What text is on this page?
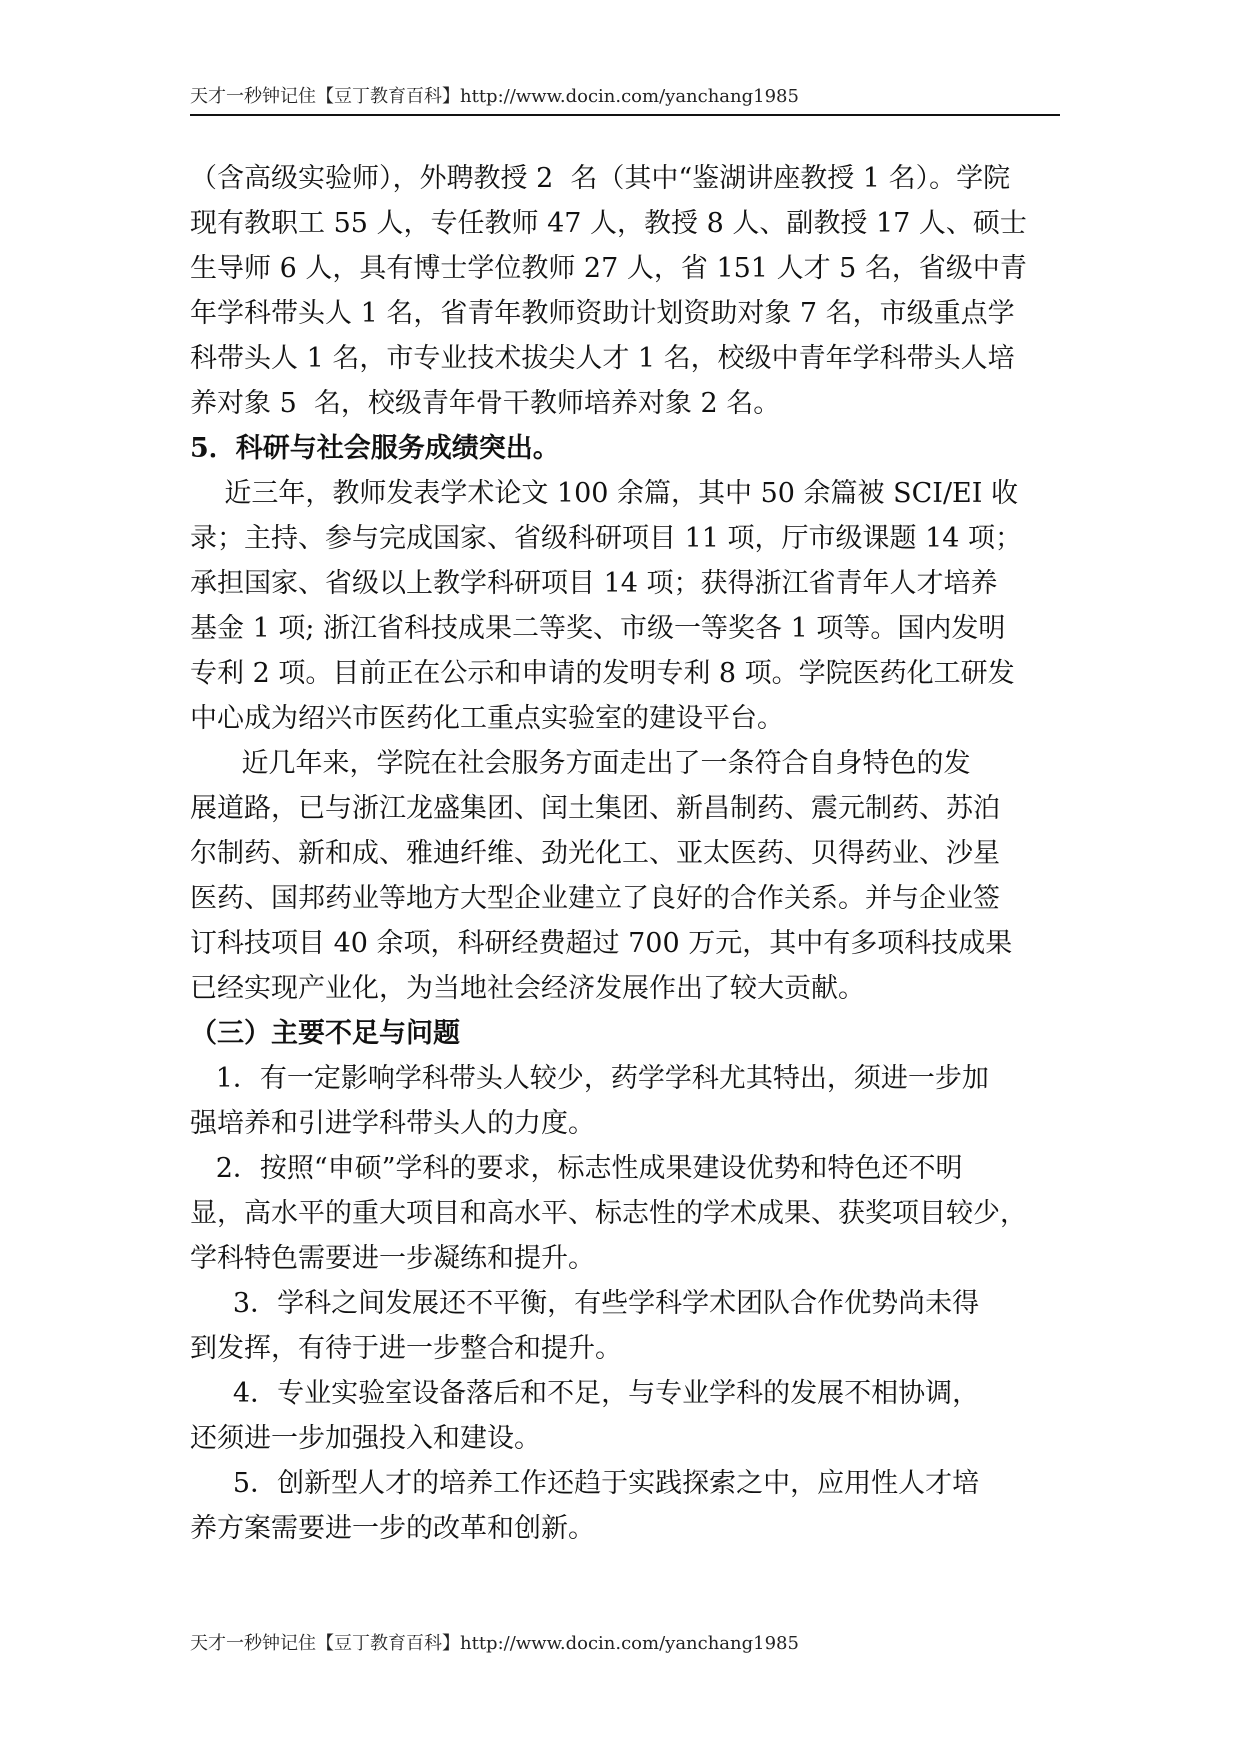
天才一秒钟记住【豆丁教育百科】http://www.docin.com/yanchang1985
（含高级实验师），外聘教授 2  名（其中“鉴湖讲座教授 1 名）。学院
现有教职工 55 人，专任教师 47 人，教授 8 人、副教授 17 人、硕士
生导师 6 人，具有博士学位教师 27 人，省 151 人才 5 名，省级中青
年学科带头人 1 名，省青年教师资助计划资助对象 7 名，市级重点学
科带头人 1 名，市专业技术拔尖人才 1 名，校级中青年学科带头人培
养对象 5  名，校级青年骨干教师培养对象 2 名。
5．科研与社会服务成绩突出。
近三年，教师发表学术论文 100 余篇，其中 50 余篇被 SCI/EI 收
录；主持、参与完成国家、省级科研项目 11 项，厅市级课题 14 项；
承担国家、省级以上教学科研项目 14 项；获得浙江省青年人才培养
基金 1 项; 浙江省科技成果二等奖、市级一等奖各 1 项等。国内发明
专利 2 项。目前正在公示和申请的发明专利 8 项。学院医药化工研发
中心成为绍兴市医药化工重点实验室的建设平台。
近几年来，学院在社会服务方面走出了一条符合自身特色的发
展道路，已与浙江龙盛集团、闰土集团、新昌制药、震元制药、苏泊
尔制药、新和成、雅迪纤维、劲光化工、亚太医药、贝得药业、沙星
医药、国邦药业等地方大型企业建立了良好的合作关系。并与企业签
订科技项目 40 余项，科研经费超过 700 万元，其中有多项科技成果
已经实现产业化，为当地社会经济发展作出了较大贡献。
（三）主要不足与问题
1．有一定影响学科带头人较少，药学学科尤其特出，须进一步加
强培养和引进学科带头人的力度。
2．按照“申硕”学科的要求，标志性成果建设优势和特色还不明
显，高水平的重大项目和高水平、标志性的学术成果、获奖项目较少，
学科特色需要进一步凝练和提升。
3．学科之间发展还不平衡，有些学科学术团队合作优势尚未得
到发挥，有待于进一步整合和提升。
4．专业实验室设备落后和不足，与专业学科的发展不相协调，
还须进一步加强投入和建设。
5．创新型人才的培养工作还趋于实践探索之中，应用性人才培
养方案需要进一步的改革和创新。
天才一秒钟记住【豆丁教育百科】http://www.docin.com/yanchang1985
